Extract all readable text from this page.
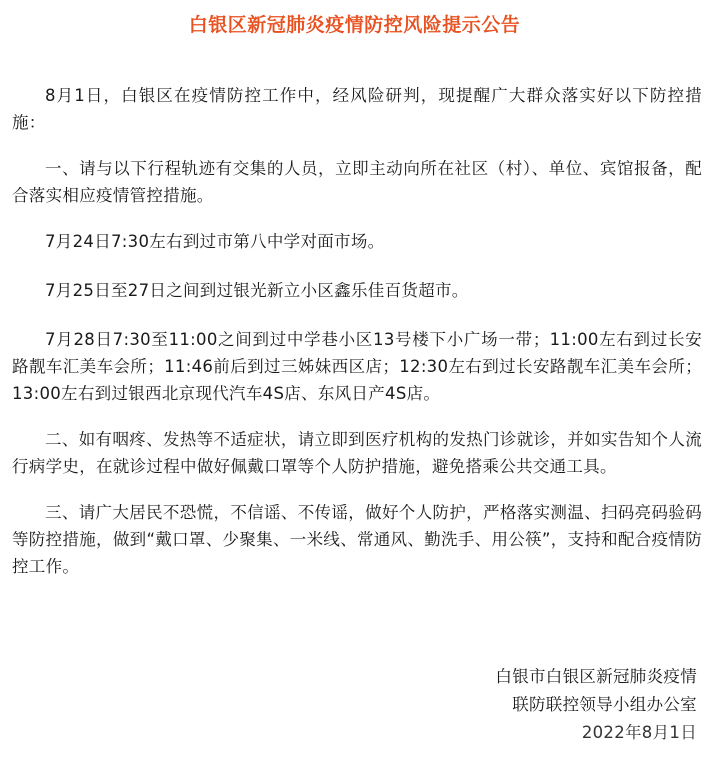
白银区新冠肺炎疫情防控风险提示公告

8月1日，白银区在疫情防控工作中，经风险研判，现提醒广大群众落实好以下防控措施：

一、请与以下行程轨迹有交集的人员，立即主动向所在社区（村）、单位、宾馆报备，配合落实相应疫情管控措施。

7月24日7:30左右到过市第八中学对面市场。

7月25日至27日之间到过银光新立小区鑫乐佳百货超市。

7月28日7:30至11:00之间到过中学巷小区13号楼下小广场一带；11:00左右到过长安路靓车汇美车会所；11:46前后到过三姊妹西区店；12:30左右到过长安路靓车汇美车会所；13:00左右到过银西北京现代汽车4S店、东风日产4S店。

二、如有咽疼、发热等不适症状，请立即到医疗机构的发热门诊就诊，并如实告知个人流行病学史，在就诊过程中做好佩戴口罩等个人防护措施，避免搭乘公共交通工具。

三、请广大居民不恐慌，不信谣、不传谣，做好个人防护，严格落实测温、扫码亮码验码等防控措施，做到“戴口罩、少聚集、一米线、常通风、勤洗手、用公筷”，支持和配合疫情防控工作。

白银市白银区新冠肺炎疫情
联防联控领导小组办公室
2022年8月1日
